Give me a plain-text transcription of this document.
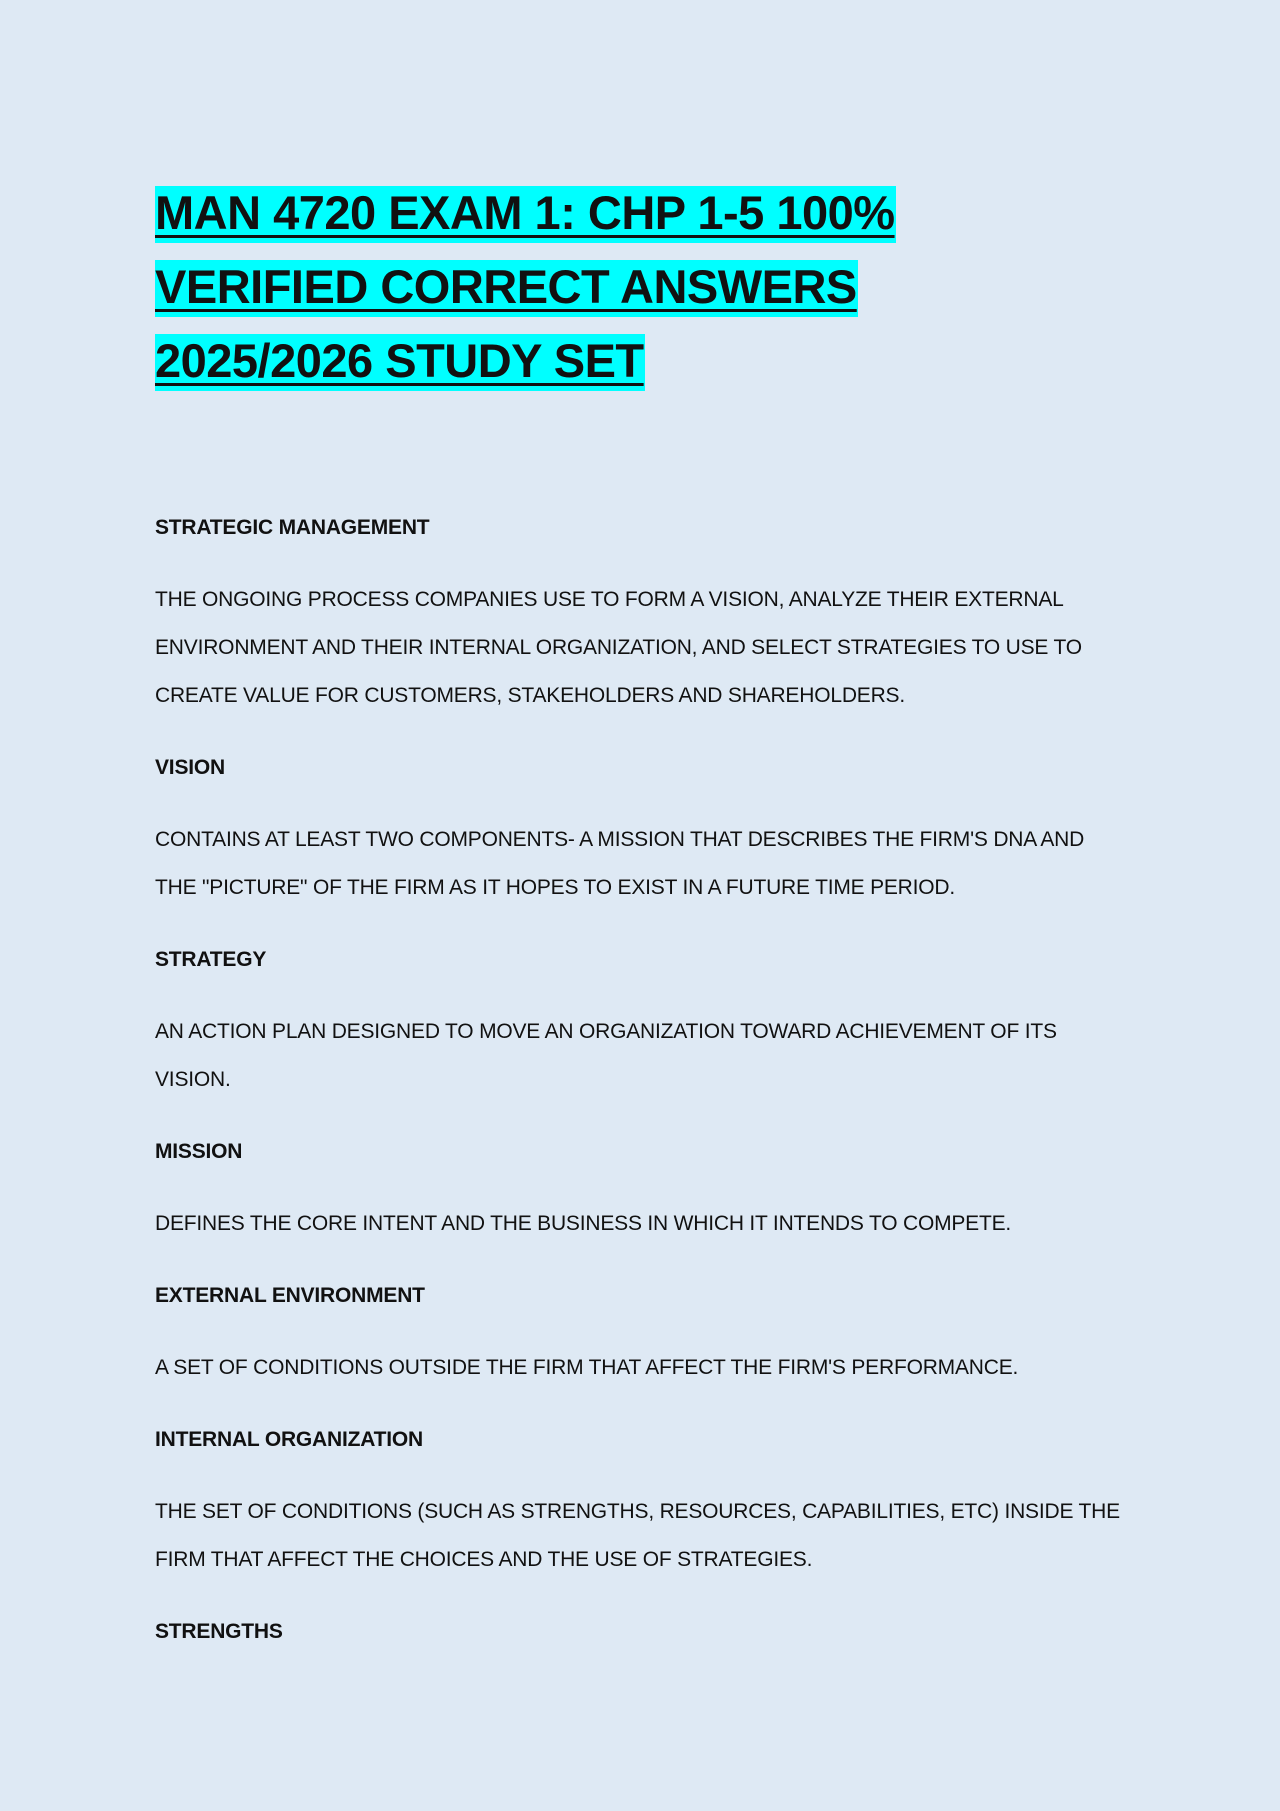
MAN 4720 EXAM 1: CHP 1-5 100%
VERIFIED CORRECT ANSWERS
2025/2026 STUDY SET

STRATEGIC MANAGEMENT

THE ONGOING PROCESS COMPANIES USE TO FORM A VISION, ANALYZE THEIR EXTERNAL ENVIRONMENT AND THEIR INTERNAL ORGANIZATION, AND SELECT STRATEGIES TO USE TO CREATE VALUE FOR CUSTOMERS, STAKEHOLDERS AND SHAREHOLDERS.

VISION

CONTAINS AT LEAST TWO COMPONENTS- A MISSION THAT DESCRIBES THE FIRM'S DNA AND THE "PICTURE" OF THE FIRM AS IT HOPES TO EXIST IN A FUTURE TIME PERIOD.

STRATEGY

AN ACTION PLAN DESIGNED TO MOVE AN ORGANIZATION TOWARD ACHIEVEMENT OF ITS VISION.

MISSION

DEFINES THE CORE INTENT AND THE BUSINESS IN WHICH IT INTENDS TO COMPETE.

EXTERNAL ENVIRONMENT

A SET OF CONDITIONS OUTSIDE THE FIRM THAT AFFECT THE FIRM'S PERFORMANCE.

INTERNAL ORGANIZATION

THE SET OF CONDITIONS (SUCH AS STRENGTHS, RESOURCES, CAPABILITIES, ETC) INSIDE THE FIRM THAT AFFECT THE CHOICES AND THE USE OF STRATEGIES.

STRENGTHS
